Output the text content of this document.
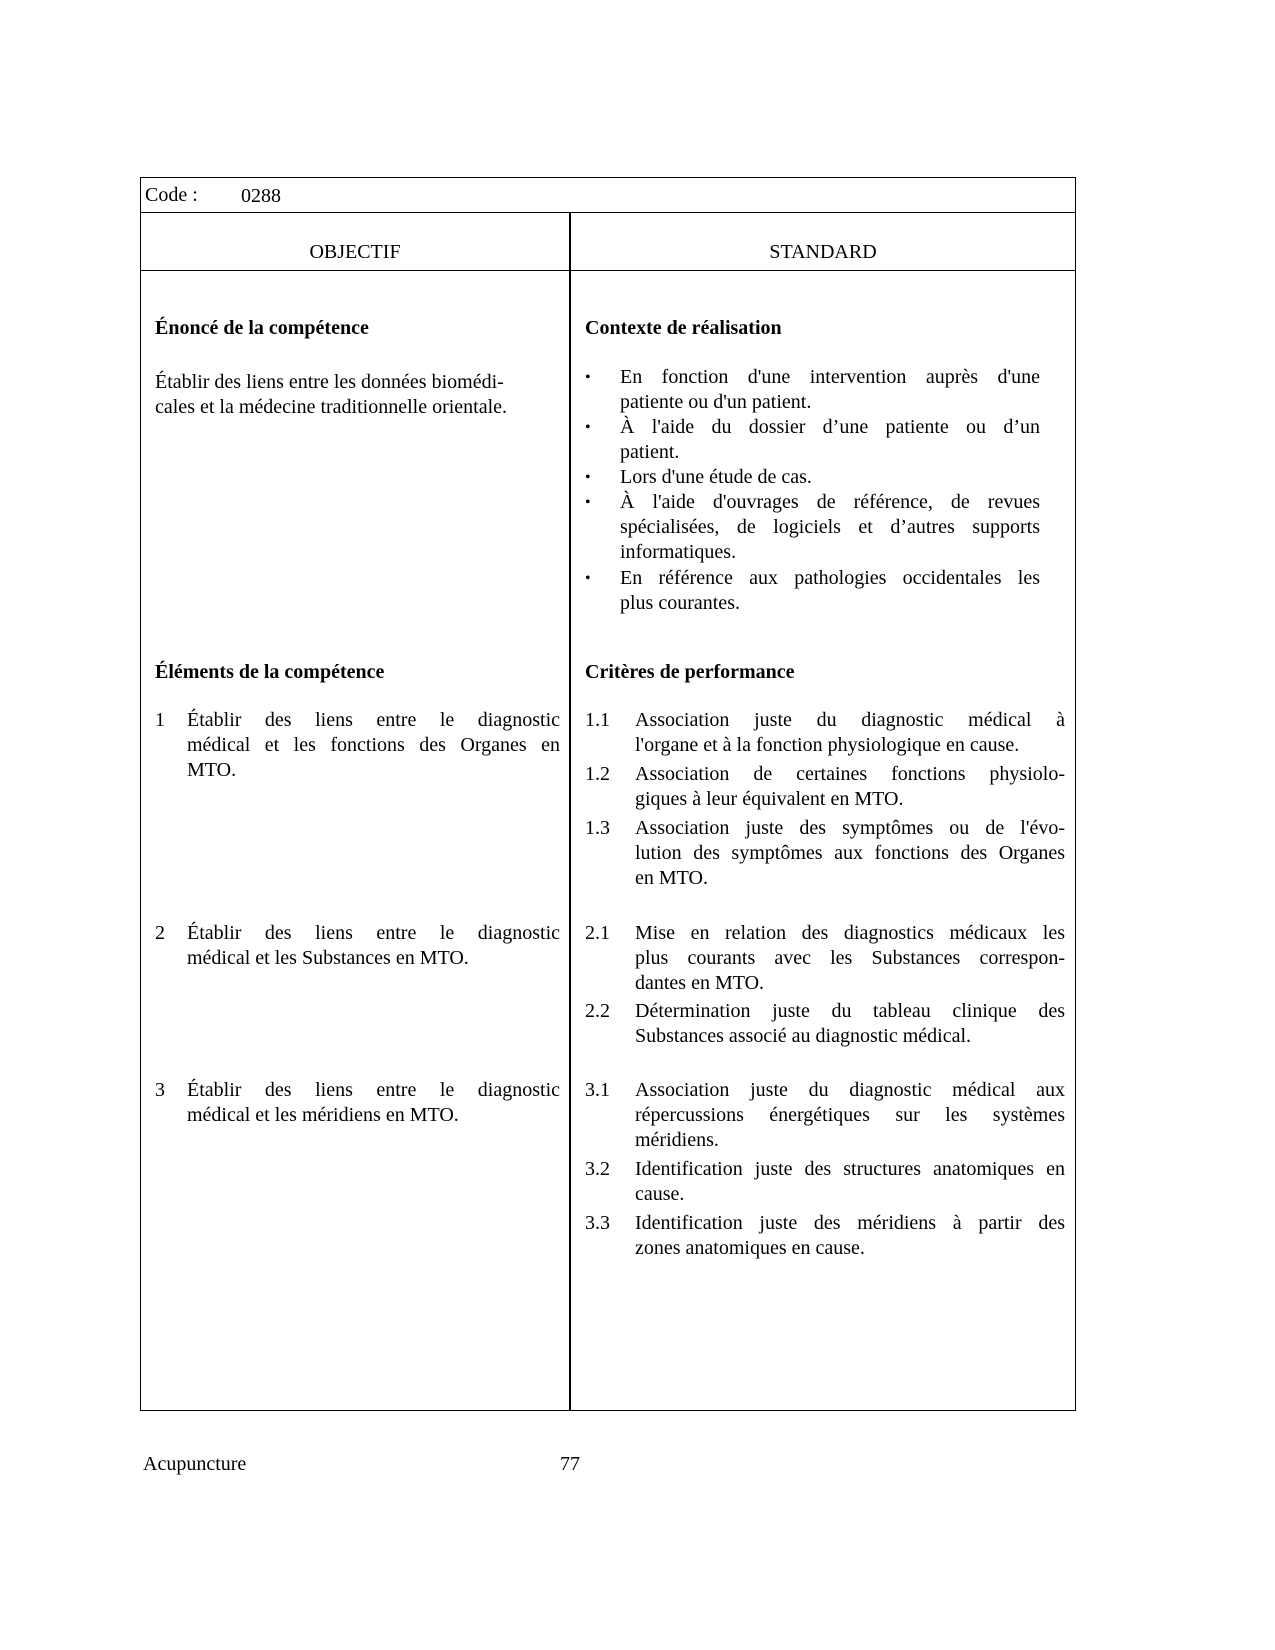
Code : 0288
OBJECTIF	STANDARD
Énoncé de la compétence
Établir des liens entre les données biomédi-
cales et la médecine traditionnelle orientale.
Éléments de la compétence
1 Établir des liens entre le diagnostic
médical et les fonctions des Organes en
MTO.
2 Établir des liens entre le diagnostic
médical et les Substances en MTO.
3 Établir des liens entre le diagnostic
médical et les méridiens en MTO.
Contexte de réalisation
• En fonction d'une intervention auprès d'une
patiente ou d'un patient.
• À l'aide du dossier d’une patiente ou d’un
patient.
• Lors d'une étude de cas.
• À l'aide d'ouvrages de référence, de revues
spécialisées, de logiciels et d’autres supports
informatiques.
• En référence aux pathologies occidentales les
plus courantes.
Critères de performance
1.1 Association juste du diagnostic médical à
l'organe et à la fonction physiologique en cause.
1.2 Association de certaines fonctions physiolo-
giques à leur équivalent en MTO.
1.3 Association juste des symptômes ou de l'évo-
lution des symptômes aux fonctions des Organes
en MTO.
2.1 Mise en relation des diagnostics médicaux les
plus courants avec les Substances correspon-
dantes en MTO.
2.2 Détermination juste du tableau clinique des
Substances associé au diagnostic médical.
3.1 Association juste du diagnostic médical aux
répercussions énergétiques sur les systèmes
méridiens.
3.2 Identification juste des structures anatomiques en
cause.
3.3 Identification juste des méridiens à partir des
zones anatomiques en cause.
Acupuncture	77
